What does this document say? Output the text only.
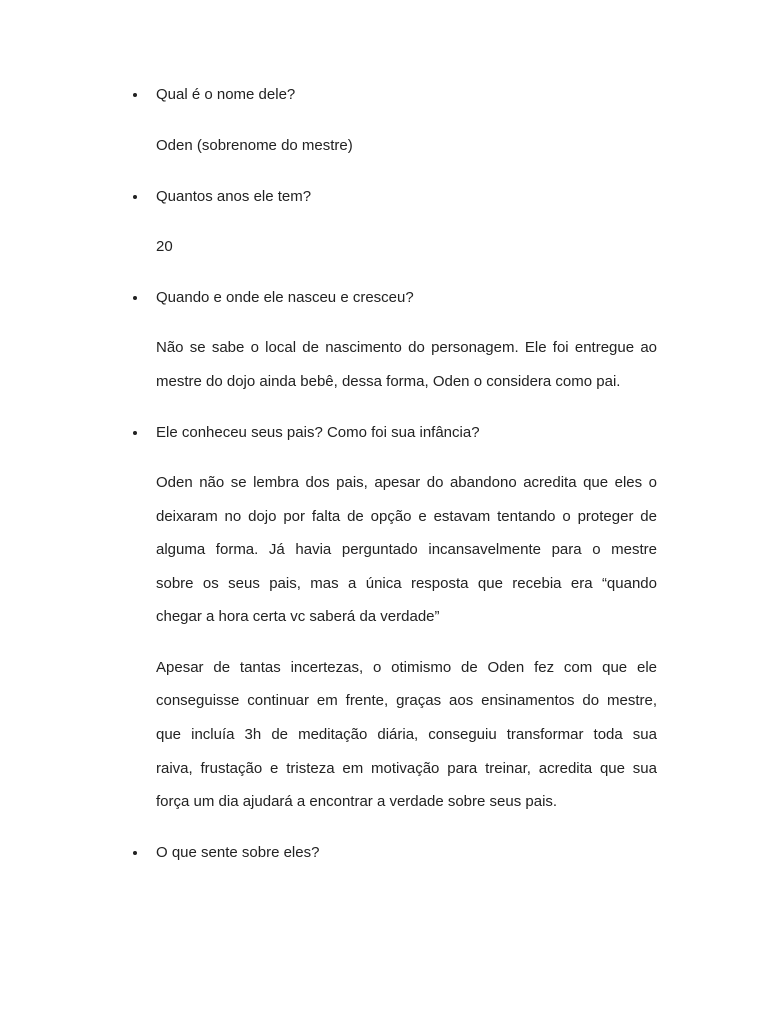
Qual é o nome dele?
Oden (sobrenome do mestre)
Quantos anos ele tem?
20
Quando e onde ele nasceu e cresceu?
Não se sabe o local de nascimento do personagem. Ele foi entregue ao
mestre do dojo ainda bebê, dessa forma, Oden o considera como pai.
Ele conheceu seus pais? Como foi sua infância?
Oden não se lembra dos pais, apesar do abandono acredita que eles o
deixaram no dojo por falta de opção e estavam tentando o proteger de
alguma forma. Já havia perguntado incansavelmente para o mestre
sobre os seus pais, mas a única resposta que recebia era “quando
chegar a hora certa vc saberá da verdade”
Apesar de tantas incertezas, o otimismo de Oden fez com que ele
conseguisse continuar em frente, graças aos ensinamentos do mestre,
que incluía 3h de meditação diária, conseguiu transformar toda sua
raiva, frustação e tristeza em motivação para treinar, acredita que sua
força um dia ajudará a encontrar a verdade sobre seus pais.
O que sente sobre eles?
